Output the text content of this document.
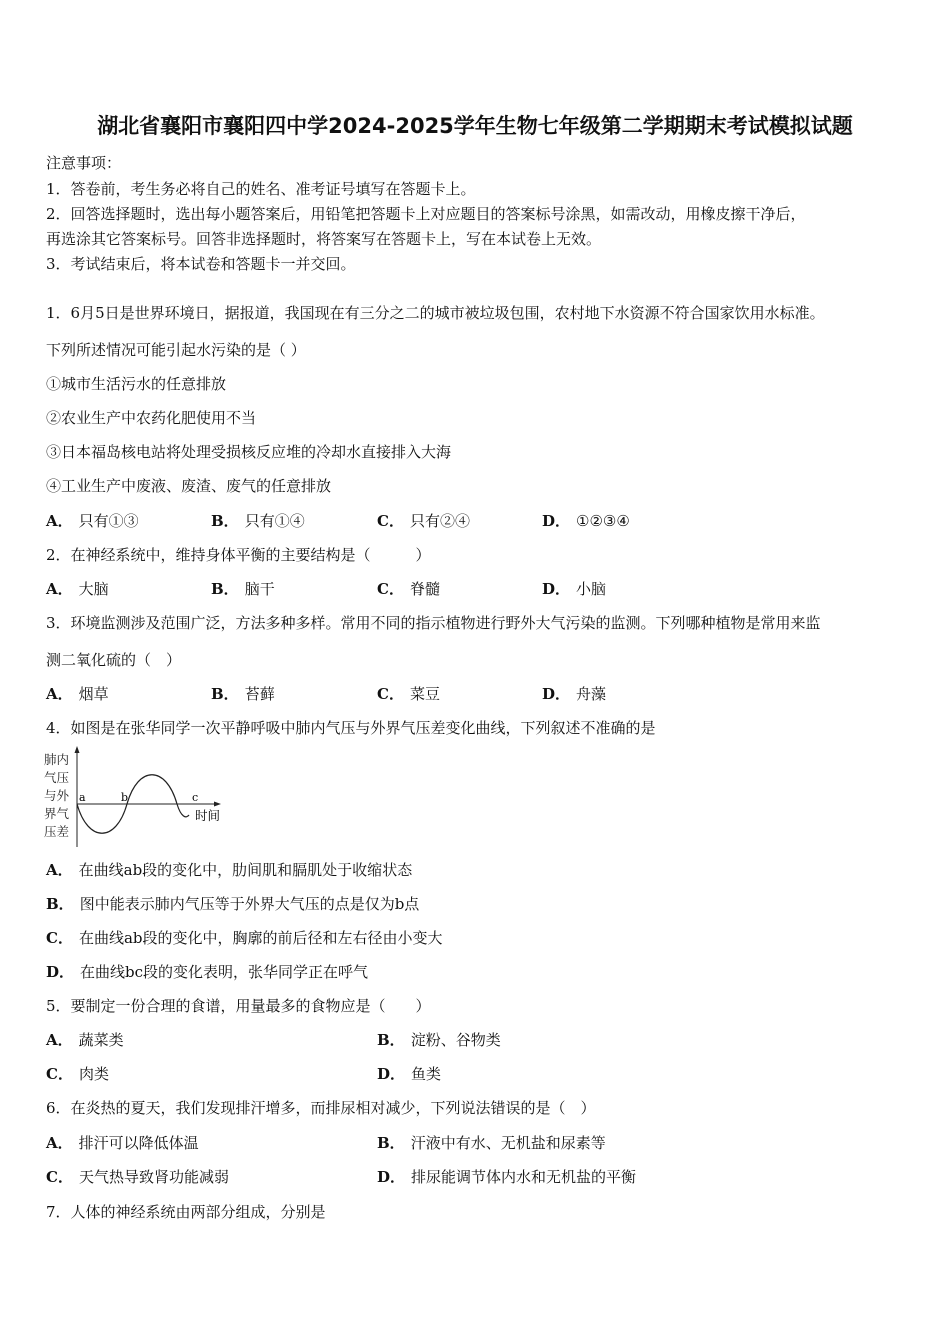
湖北省襄阳市襄阳四中学2024-2025学年生物七年级第二学期期末考试模拟试题
注意事项：
1．答卷前，考生务必将自己的姓名、准考证号填写在答题卡上。
2．回答选择题时，选出每小题答案后，用铅笔把答题卡上对应题目的答案标号涂黑，如需改动，用橡皮擦干净后，
再选涂其它答案标号。回答非选择题时，将答案写在答题卡上，写在本试卷上无效。
3．考试结束后，将本试卷和答题卡一并交回。
1．6月5日是世界环境日，据报道，我国现在有三分之二的城市被垃圾包围，农村地下水资源不符合国家饮用水标准。
下列所述情况可能引起水污染的是（ ）
①城市生活污水的任意排放
②农业生产中农药化肥使用不当
③日本福岛核电站将处理受损核反应堆的冷却水直接排入大海
④工业生产中废液、废渣、废气的任意排放
A． 只有①③	B． 只有①④	C． 只有②④	D． ①②③④
2．在神经系统中，维持身体平衡的主要结构是（　　　）
A． 大脑	B． 脑干	C． 脊髓	D． 小脑
3．环境监测涉及范围广泛，方法多种多样。常用不同的指示植物进行野外大气污染的监测。下列哪种植物是常用来监
测二氧化硫的（　）
A． 烟草	B． 苔藓	C． 菜豆	D． 舟藻
4．如图是在张华同学一次平静呼吸中肺内气压与外界气压差变化曲线，下列叙述不准确的是
肺内
气压
与外
界气
压差
a	b	c
时间
A． 在曲线ab段的变化中，肋间肌和膈肌处于收缩状态
B． 图中能表示肺内气压等于外界大气压的点是仅为b点
C． 在曲线ab段的变化中，胸廓的前后径和左右径由小变大
D． 在曲线bc段的变化表明，张华同学正在呼气
5．要制定一份合理的食谱，用量最多的食物应是（　　）
A． 蔬菜类	B． 淀粉、谷物类
C． 肉类	D． 鱼类
6．在炎热的夏天，我们发现排汗增多，而排尿相对减少，下列说法错误的是（　）
A． 排汗可以降低体温	B． 汗液中有水、无机盐和尿素等
C． 天气热导致肾功能减弱	D． 排尿能调节体内水和无机盐的平衡
7．人体的神经系统由两部分组成，分别是
